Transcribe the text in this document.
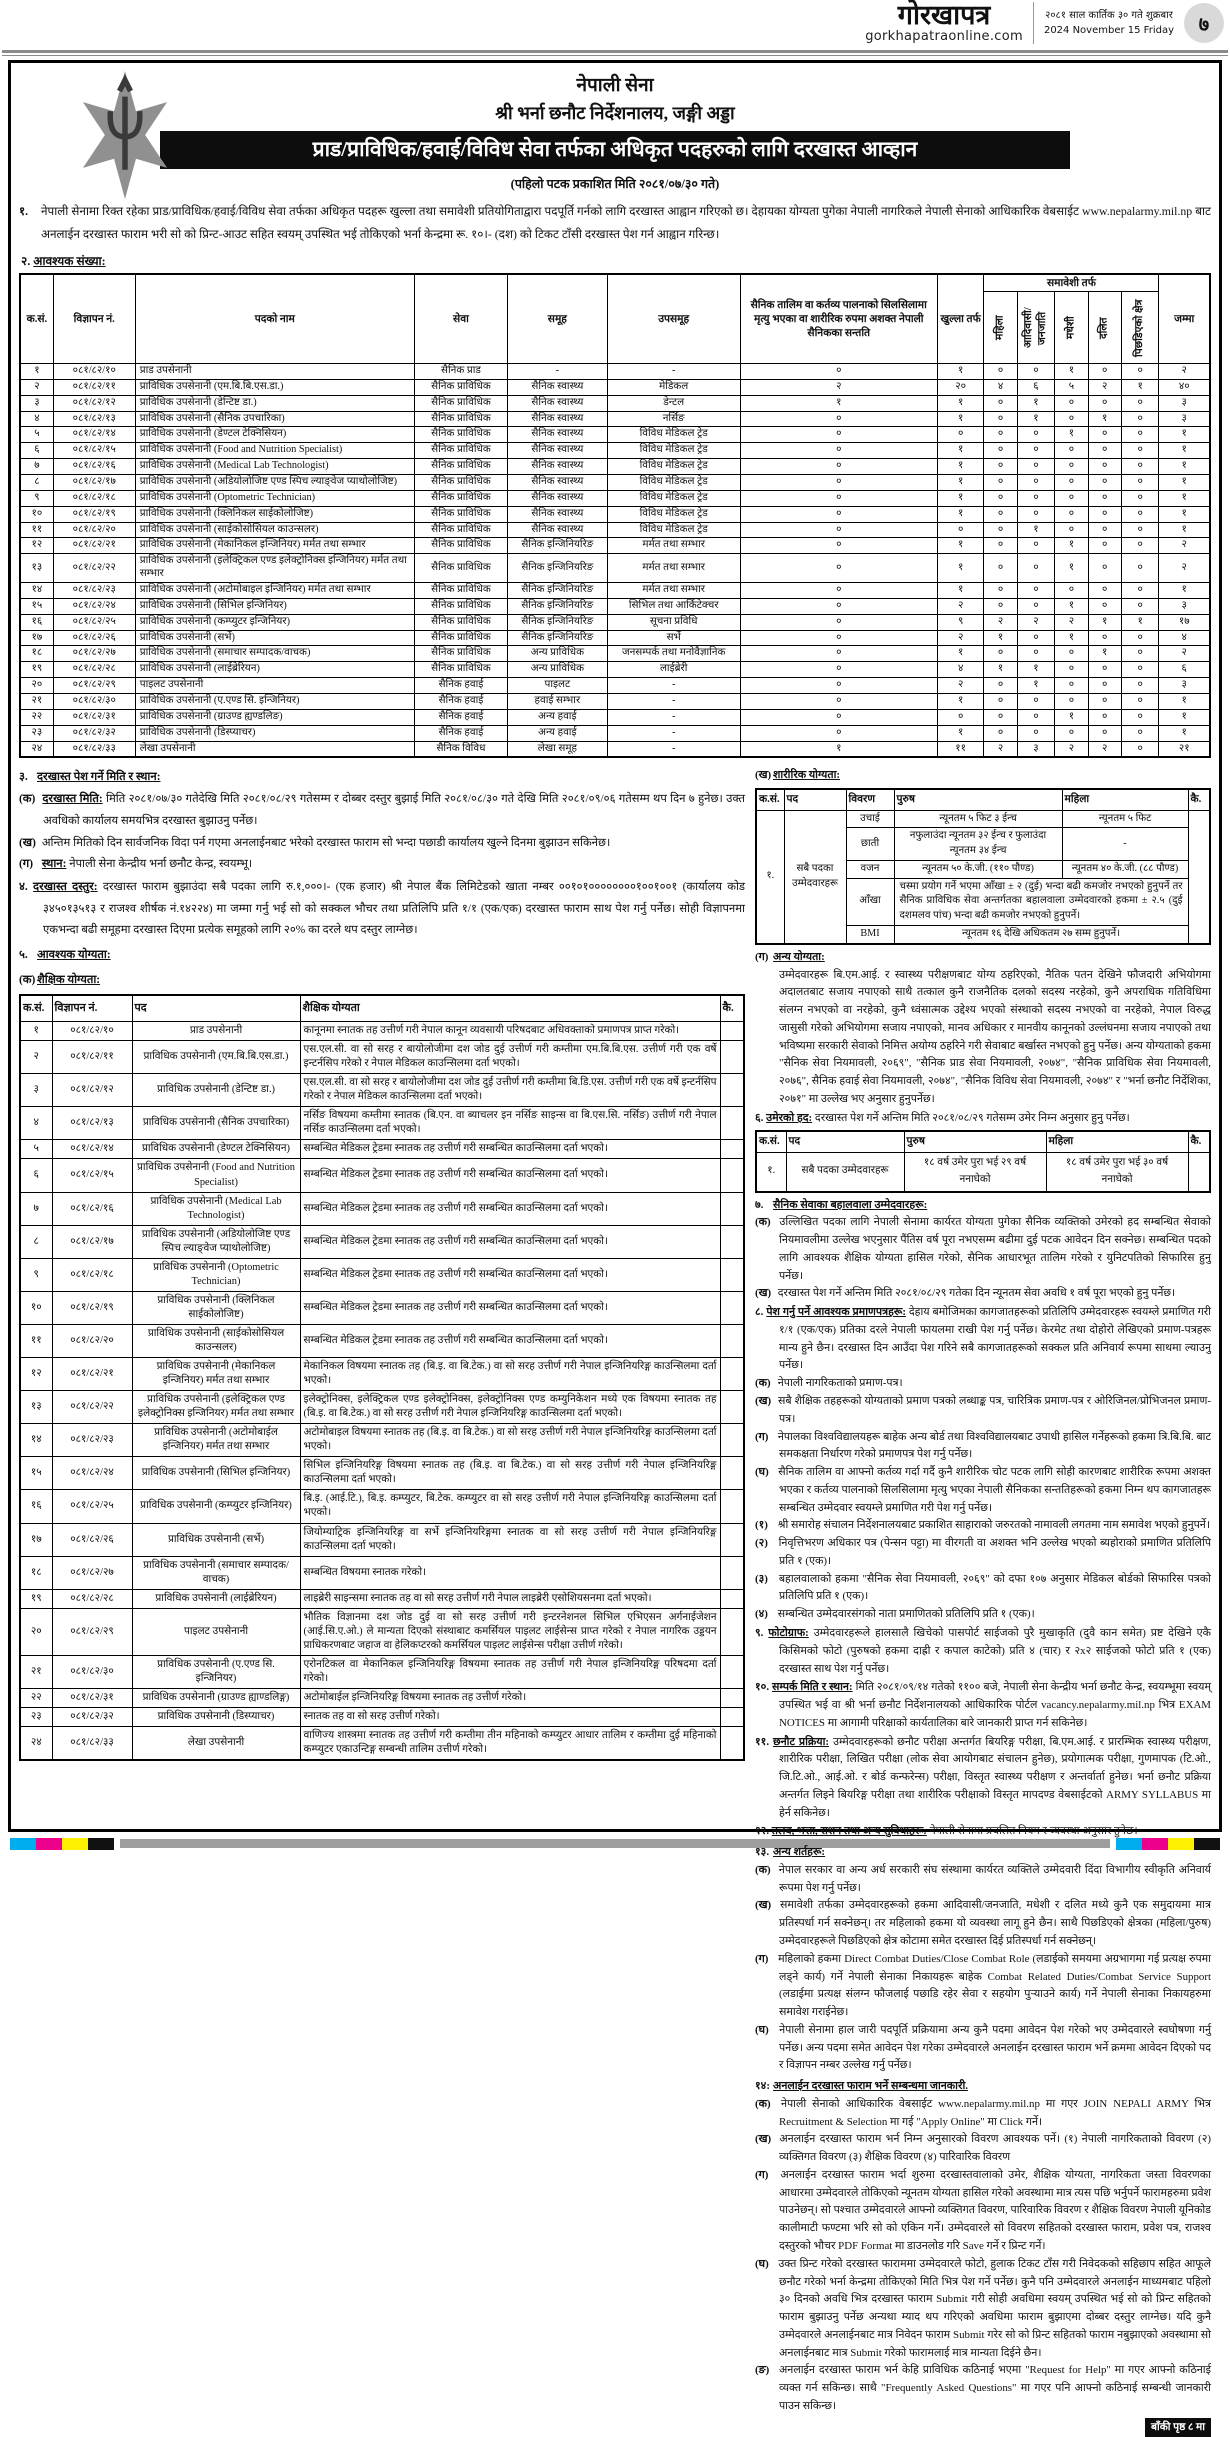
गोरखापत्र
gorkhapatraonline.com
२०८१ साल कार्तिक ३० गते शुक्रबार
2024 November 15 Friday	७
नेपाली सेना
श्री भर्ना छनौट निर्देशनालय, जङ्गी अड्डा
प्राड/प्राविधिक/हवाई/विविध सेवा तर्फका अधिकृत पदहरुको लागि दरखास्त आव्हान
(पहिलो पटक प्रकाशित मिति २०८१/०७/३० गते)
१.	नेपाली सेनामा रिक्त रहेका प्राड/प्राविधिक/हवाई/विविध सेवा तर्फका अधिकृत पदहरू खुल्ला तथा समावेशी प्रतियोगिताद्वारा पदपूर्ति गर्नको लागि दरखास्त आह्वान गरिएको छ। देहायका योग्यता पुगेका नेपाली नागरिकले नेपाली सेनाको आधिकारिक वेबसाईट www.nepalarmy.mil.np बाट अनलाईन दरखास्त फाराम भरी सो को प्रिन्ट-आउट सहित स्वयम् उपस्थित भई तोकिएको भर्ना केन्द्रमा रू. १०।- (दश) को टिकट टाँसी दरखास्त पेश गर्न आह्वान गरिन्छ।
२. आवश्यक संख्या:
क.सं.	विज्ञापन नं.	पदको नाम	सेवा	समूह	उपसमूह	सैनिक तालिम वा कर्तव्य पालनाको सिलसिलामा मृत्यु भएका वा शारीरिक रुपमा अशक्त नेपाली सैनिकका सन्तति	खुल्ला तर्फ	समावेशी तर्फ					जम्मा
								महिला	आदिवासी/ जनजाति	मधेशी	दलित	पिछडिएको क्षेत्र	
१	०८१/८२/१०	प्राड उपसेनानी	सैनिक प्राड	-	-	०	१	०	०	१	०	०	२
२	०८१/८२/११	प्राविधिक उपसेनानी (एम.बि.बि.एस.डा.)	सैनिक प्राविधिक	सैनिक स्वास्थ्य	मेडिकल	२	२०	४	६	५	२	१	४०
३	०८१/८२/१२	प्राविधिक उपसेनानी (डेन्टिष्ट डा.)	सैनिक प्राविधिक	सैनिक स्वास्थ्य	डेन्टल	१	१	०	१	०	०	०	३
४	०८१/८२/१३	प्राविधिक उपसेनानी (सैनिक उपचारिका)	सैनिक प्राविधिक	सैनिक स्वास्थ्य	नर्सिङ	०	१	०	१	०	१	०	३
५	०८१/८२/१४	प्राविधिक उपसेनानी (डेण्टल टेक्निसियन)	सैनिक प्राविधिक	सैनिक स्वास्थ्य	विविध मेडिकल ट्रेड	०	०	०	०	१	०	०	१
६	०८१/८२/१५	प्राविधिक उपसेनानी (Food and Nutrition Specialist)	सैनिक प्राविधिक	सैनिक स्वास्थ्य	विविध मेडिकल ट्रेड	०	१	०	०	०	०	०	१
७	०८१/८२/१६	प्राविधिक उपसेनानी (Medical Lab Technologist)	सैनिक प्राविधिक	सैनिक स्वास्थ्य	विविध मेडिकल ट्रेड	०	१	०	०	०	०	०	१
८	०८१/८२/१७	प्राविधिक उपसेनानी (अडियोलोजिष्ट एण्ड स्पिच ल्याङ्वेज प्याथोलोजिष्ट)	सैनिक प्राविधिक	सैनिक स्वास्थ्य	विविध मेडिकल ट्रेड	०	१	०	०	०	०	०	१
९	०८१/८२/१८	प्राविधिक उपसेनानी (Optometric Technician)	सैनिक प्राविधिक	सैनिक स्वास्थ्य	विविध मेडिकल ट्रेड	०	१	०	०	०	०	०	१
१०	०८१/८२/१९	प्राविधिक उपसेनानी (क्लिनिकल साईकोलोजिष्ट)	सैनिक प्राविधिक	सैनिक स्वास्थ्य	विविध मेडिकल ट्रेड	०	१	०	०	०	०	०	१
११	०८१/८२/२०	प्राविधिक उपसेनानी (साईकोसोसियल काउन्सलर)	सैनिक प्राविधिक	सैनिक स्वास्थ्य	विविध मेडिकल ट्रेड	०	०	०	१	०	०	०	१
१२	०८१/८२/२१	प्राविधिक उपसेनानी (मेकानिकल इन्जिनियर) मर्मत तथा सम्भार	सैनिक प्राविधिक	सैनिक इन्जिनियरिङ	मर्मत तथा सम्भार	०	१	०	०	१	०	०	२
१३	०८१/८२/२२	प्राविधिक उपसेनानी (इलेक्ट्रिकल एण्ड इलेक्ट्रोनिक्स इन्जिनियर) मर्मत तथा सम्भार	सैनिक प्राविधिक	सैनिक इन्जिनियरिङ	मर्मत तथा सम्भार	०	१	०	०	१	०	०	२
१४	०८१/८२/२३	प्राविधिक उपसेनानी (अटोमोबाइल इन्जिनियर) मर्मत तथा सम्भार	सैनिक प्राविधिक	सैनिक इन्जिनियरिङ	मर्मत तथा सम्भार	०	१	०	०	०	०	०	१
१५	०८१/८२/२४	प्राविधिक उपसेनानी (सिभिल इन्जिनियर)	सैनिक प्राविधिक	सैनिक इन्जिनियरिङ	सिभिल तथा आर्किटेक्चर	०	२	०	०	१	०	०	३
१६	०८१/८२/२५	प्राविधिक उपसेनानी (कम्प्युटर इन्जिनियर)	सैनिक प्राविधिक	सैनिक इन्जिनियरिङ	सूचना प्रविधि	०	९	२	२	२	१	१	१७
१७	०८१/८२/२६	प्राविधिक उपसेनानी (सर्भे)	सैनिक प्राविधिक	सैनिक इन्जिनियरिङ	सर्भे	०	२	१	०	१	०	०	४
१८	०८१/८२/२७	प्राविधिक उपसेनानी (समाचार सम्पादक/वाचक)	सैनिक प्राविधिक	अन्य प्राविधिक	जनसम्पर्क तथा मनोवैज्ञानिक	०	१	०	०	०	१	०	२
१९	०८१/८२/२८	प्राविधिक उपसेनानी (लाईब्रेरियन)	सैनिक प्राविधिक	अन्य प्राविधिक	लाईब्रेरी	०	४	१	१	०	०	०	६
२०	०८१/८२/२९	पाइलट उपसेनानी	सैनिक हवाई	पाइलट	-	०	२	०	१	०	०	०	३
२१	०८१/८२/३०	प्राविधिक उपसेनानी (ए.एण्ड सि. इन्जिनियर)	सैनिक हवाई	हवाई सम्भार	-	०	१	०	०	०	०	०	१
२२	०८१/८२/३१	प्राविधिक उपसेनानी (ग्राउण्ड ह्यण्डलिङ)	सैनिक हवाई	अन्य हवाई	-	०	०	०	०	१	०	०	१
२३	०८१/८२/३२	प्राविधिक उपसेनानी (डिस्प्याचर)	सैनिक हवाई	अन्य हवाई	-	०	१	०	०	०	०	०	१
२४	०८१/८२/३३	लेखा उपसेनानी	सैनिक विविध	लेखा समूह	-	१	११	२	३	२	२	०	२१
३. दरखास्त पेश गर्ने मिति र स्थान:
(क) दरखास्त मिति: मिति २०८१/०७/३० गतेदेखि मिति २०८१/०८/२९ गतेसम्म र दोब्बर दस्तुर बुझाई मिति २०८१/०८/३० गते देखि मिति २०८१/०९/०६ गतेसम्म थप दिन ७ हुनेछ। उक्त अवधिको कार्यालय समयभित्र दरखास्त बुझाउनु पर्नेछ।
(ख) अन्तिम मितिको दिन सार्वजनिक विदा पर्न गएमा अनलाईनबाट भरेको दरखास्त फाराम सो भन्दा पछाडी कार्यालय खुल्ने दिनमा बुझाउन सकिनेछ।
(ग) स्थान: नेपाली सेना केन्द्रीय भर्ना छनौट केन्द्र, स्वयम्भू।
४. दरखास्त दस्तुर: दरखास्त फाराम बुझाउंदा सबै पदका लागि रु.१,०००।- (एक हजार) श्री नेपाल बैंक लिमिटेडको खाता नम्बर ००१०१००००००००१००१००१ (कार्यालय कोड ३४५०१३५१३ र राजश्व शीर्षक नं.१४२२४) मा जम्मा गर्नु भई सो को सक्कल भौचर तथा प्रतिलिपि प्रति १/१ (एक/एक) दरखास्त फाराम साथ पेश गर्नु पर्नेछ। सोही विज्ञापनमा एकभन्दा बढी समूहमा दरखास्त दिएमा प्रत्येक समूहको लागि २०% का दरले थप दस्तुर लाग्नेछ।
५. आवश्यक योग्यता:
(क) शैक्षिक योग्यता:
क.सं.	विज्ञापन नं.	पद	शैक्षिक योग्यता	कै.
१	०८१/८२/१०	प्राड उपसेनानी	कानूनमा स्नातक तह उत्तीर्ण गरी नेपाल कानून व्यवसायी परिषदबाट अधिवक्ताको प्रमाणपत्र प्राप्त गरेको।	
२	०८१/८२/११	प्राविधिक उपसेनानी (एम.बि.बि.एस.डा.)	एस.एल.सी. वा सो सरह र बायोलोजीमा दश जोड दुई उत्तीर्ण गरी कम्तीमा एम.बि.बि.एस. उत्तीर्ण गरी एक वर्षे इन्टर्नसिप गरेको र नेपाल मेडिकल काउन्सिलमा दर्ता भएको।	
३	०८१/८२/१२	प्राविधिक उपसेनानी (डेन्टिष्ट डा.)	एस.एल.सी. वा सो सरह र बायोलोजीमा दश जोड दुई उत्तीर्ण गरी कम्तीमा बि.डि.एस. उत्तीर्ण गरी एक वर्षे इन्टर्नसिप गरेको र नेपाल मेडिकल काउन्सिलमा दर्ता भएको।	
४	०८१/८२/१३	प्राविधिक उपसेनानी (सैनिक उपचारिका)	नर्सिङ विषयमा कम्तीमा स्नातक (बि.एन. वा ब्याचलर इन नर्सिङ साइन्स वा बि.एस.सि. नर्सिङ) उत्तीर्ण गरी नेपाल नर्सिङ काउन्सिलमा दर्ता भएको।	
५	०८१/८२/१४	प्राविधिक उपसेनानी (डेण्टल टेक्निसियन)	सम्बन्धित मेडिकल ट्रेडमा स्नातक तह उत्तीर्ण गरी सम्बन्धित काउन्सिलमा दर्ता भएको।	
६	०८१/८२/१५	प्राविधिक उपसेनानी (Food and Nutrition Specialist)	सम्बन्धित मेडिकल ट्रेडमा स्नातक तह उत्तीर्ण गरी सम्बन्धित काउन्सिलमा दर्ता भएको।	
७	०८१/८२/१६	प्राविधिक उपसेनानी (Medical Lab Technologist)	सम्बन्धित मेडिकल ट्रेडमा स्नातक तह उत्तीर्ण गरी सम्बन्धित काउन्सिलमा दर्ता भएको।	
८	०८१/८२/१७	प्राविधिक उपसेनानी (अडियोलोजिष्ट एण्ड स्पिच ल्याङ्वेज प्याथोलोजिष्ट)	सम्बन्धित मेडिकल ट्रेडमा स्नातक तह उत्तीर्ण गरी सम्बन्धित काउन्सिलमा दर्ता भएको।	
९	०८१/८२/१८	प्राविधिक उपसेनानी (Optometric Technician)	सम्बन्धित मेडिकल ट्रेडमा स्नातक तह उत्तीर्ण गरी सम्बन्धित काउन्सिलमा दर्ता भएको।	
१०	०८१/८२/१९	प्राविधिक उपसेनानी (क्लिनिकल साईकोलोजिष्ट)	सम्बन्धित मेडिकल ट्रेडमा स्नातक तह उत्तीर्ण गरी सम्बन्धित काउन्सिलमा दर्ता भएको।	
११	०८१/८२/२०	प्राविधिक उपसेनानी (साईकोसोसियल काउन्सलर)	सम्बन्धित मेडिकल ट्रेडमा स्नातक तह उत्तीर्ण गरी सम्बन्धित काउन्सिलमा दर्ता भएको।	
१२	०८१/८२/२१	प्राविधिक उपसेनानी (मेकानिकल इन्जिनियर) मर्मत तथा सम्भार	मेकानिकल विषयमा स्नातक तह (बि.इ. वा बि.टेक.) वा सो सरह उत्तीर्ण गरी नेपाल इन्जिनियरिङ्ग काउन्सिलमा दर्ता भएको।	
१३	०८१/८२/२२	प्राविधिक उपसेनानी (इलेक्ट्रिकल एण्ड इलेक्ट्रोनिक्स इन्जिनियर) मर्मत तथा सम्भार	इलेक्ट्रोनिक्स, इलेक्ट्रिकल एण्ड इलेक्ट्रोनिक्स, इलेक्ट्रोनिक्स एण्ड कम्युनिकेशन मध्ये एक विषयमा स्नातक तह (बि.इ. वा बि.टेक.) वा सो सरह उत्तीर्ण गरी नेपाल इन्जिनियरिङ्ग काउन्सिलमा दर्ता भएको।	
१४	०८१/८२/२३	प्राविधिक उपसेनानी (अटोमोबाईल इन्जिनियर) मर्मत तथा सम्भार	अटोमोबाइल विषयमा स्नातक तह (बि.इ. वा बि.टेक.) वा सो सरह उत्तीर्ण गरी नेपाल इन्जिनियरिङ्ग काउन्सिलमा दर्ता भएको।	
१५	०८१/८२/२४	प्राविधिक उपसेनानी (सिभिल इन्जिनियर)	सिभिल इन्जिनियरिङ्ग विषयमा स्नातक तह (बि.इ. वा बि.टेक.) वा सो सरह उत्तीर्ण गरी नेपाल इन्जिनियरिङ्ग काउन्सिलमा दर्ता भएको।	
१६	०८१/८२/२५	प्राविधिक उपसेनानी (कम्प्युटर इन्जिनियर)	बि.इ. (आई.टि.), बि.इ. कम्प्युटर, बि.टेक. कम्प्युटर वा सो सरह उत्तीर्ण गरी नेपाल इन्जिनियरिङ्ग काउन्सिलमा दर्ता भएको।	
१७	०८१/८२/२६	प्राविधिक उपसेनानी (सर्भे)	जियोम्याट्रिक इन्जिनियरिङ्ग वा सर्भे इन्जिनियरिङ्गमा स्नातक वा सो सरह उत्तीर्ण गरी नेपाल इन्जिनियरिङ्ग काउन्सिलमा दर्ता भएको।	
१८	०८१/८२/२७	प्राविधिक उपसेनानी (समाचार सम्पादक/वाचक)	सम्बन्धित विषयमा स्नातक गरेको।	
१९	०८१/८२/२८	प्राविधिक उपसेनानी (लाईब्रेरियन)	लाइब्रेरी साइन्समा स्नातक तह वा सो सरह उत्तीर्ण गरी नेपाल लाइब्रेरी एसोशियसनमा दर्ता भएको।	
२०	०८१/८२/२९	पाइलट उपसेनानी	भौतिक विज्ञानमा दश जोड दुई वा सो सरह उत्तीर्ण गरी इन्टरनेशनल सिभिल एभिएसन अर्गनाईजेशन (आई.सि.ए.ओ.) ले मान्यता दिएको संस्थाबाट कमर्सियल पाइलट लाईसेन्स प्राप्त गरेको र नेपाल नागरिक उड्डयन प्राधिकरणबाट जहाज वा हेलिकप्टरको कमर्सियल पाइलट लाईसेन्स परीक्षा उत्तीर्ण गरेको।	
२१	०८१/८२/३०	प्राविधिक उपसेनानी (ए.एण्ड सि. इन्जिनियर)	एरोनटिकल वा मेकानिकल इन्जिनियरिङ्ग विषयमा स्नातक तह उत्तीर्ण गरी नेपाल इन्जिनियरिङ्ग परिषदमा दर्ता गरेको।	
२२	०८१/८२/३१	प्राविधिक उपसेनानी (ग्राउण्ड ह्याण्डलिङ्ग)	अटोमोबाईल इन्जिनियरिङ्ग विषयमा स्नातक तह उत्तीर्ण गरेको।	
२३	०८१/८२/३२	प्राविधिक उपसेनानी (डिस्प्याचर)	स्नातक तह वा सो सरह उत्तीर्ण गरेको।	
२४	०८१/८२/३३	लेखा उपसेनानी	वाणिज्य शास्त्रमा स्नातक तह उत्तीर्ण गरी कम्तीमा तीन महिनाको कम्प्युटर आधार तालिम र कम्तीमा दुई महिनाको कम्प्युटर एकाउन्टिङ्ग सम्बन्धी तालिम उत्तीर्ण गरेको।	
(ख) शारीरिक योग्यता:
क.सं.	पद	विवरण	पुरुष	महिला	कै.
१.	सबै पदका उम्मेदवारहरू	उचाई	न्यूनतम ५ फिट ३ ईन्च	न्यूनतम ५ फिट	
		छाती	नफुलाउंदा न्यूनतम ३२ ईन्च र फुलाउंदा न्यूनतम ३४ ईन्च	-	
		वजन	न्यूनतम ५० के.जी. (११० पौण्ड)	न्यूनतम ४० के.जी. (८८ पौण्ड)	
		आँखा	चस्मा प्रयोग गर्ने भएमा आँखा ± २ (दुई) भन्दा बढी कमजोर नभएको हुनुपर्ने तर सैनिक प्राविधिक सेवा अन्तर्गतका बहालवाला उम्मेदवारको हकमा ± २.५ (दुई दशमलव पांच) भन्दा बढी कमजोर नभएको हुनुपर्ने।		
		BMI	न्यूनतम १६ देखि अधिकतम २७ सम्म हुनुपर्ने।		
(ग) अन्य योग्यता:
उम्मेदवारहरू बि.एम.आई. र स्वास्थ्य परीक्षणबाट योग्य ठहरिएको, नैतिक पतन देखिने फौजदारी अभियोगमा अदालतबाट सजाय नपाएको साथै तत्काल कुनै राजनैतिक दलको सदस्य नरहेको, कुनै अपराधिक गतिविधिमा संलग्न नभएको वा नरहेको, कुनै ध्वंसात्मक उद्देश्य भएको संस्थाको सदस्य नभएको वा नरहेको, नेपाल विरुद्ध जासुसी गरेको अभियोगमा सजाय नपाएको, मानव अधिकार र मानवीय कानूनको उल्लंघनमा सजाय नपाएको तथा भविष्यमा सरकारी सेवाको निमित्त अयोग्य ठहरिने गरी सेवाबाट बर्खास्त नभएको हुनु पर्नेछ। अन्य योग्यताको हकमा "सैनिक सेवा नियमावली, २०६९", "सैनिक प्राड सेवा नियमावली, २०७४", "सैनिक प्राविधिक सेवा नियमावली, २०७६", सैनिक हवाई सेवा नियमावली, २०७४", "सैनिक विविध सेवा नियमावली, २०७४" र "भर्ना छनौट निर्देशिका, २०७१" मा उल्लेख भए अनुसार हुनुपर्नेछ।
६. उमेरको हद: दरखास्त पेश गर्ने अन्तिम मिति २०८१/०८/२९ गतेसम्म उमेर निम्न अनुसार हुनु पर्नेछ।
क.सं.	पद	पुरुष	महिला	कै.
१.	सबै पदका उम्मेदवारहरू	१८ वर्ष उमेर पुरा भई २९ वर्ष ननाघेको	१८ वर्ष उमेर पुरा भई ३० वर्ष ननाघेको	
७. सैनिक सेवाका बहालवाला उम्मेदवारहरू:
(क) उल्लिखित पदका लागि नेपाली सेनामा कार्यरत योग्यता पुगेका सैनिक व्यक्तिको उमेरको हद सम्बन्धित सेवाको नियमावलीमा उल्लेख भएनुसार पैंतिस वर्ष पूरा नभएसम्म बढीमा दुई पटक आवेदन दिन सक्नेछ। सम्बन्धित पदको लागि आवश्यक शैक्षिक योग्यता हासिल गरेको, सैनिक आधारभूत तालिम गरेको र युनिटपतिको सिफारिस हुनु पर्नेछ।
(ख) दरखास्त पेश गर्ने अन्तिम मिति २०८१/०८/२९ गतेका दिन न्यूनतम सेवा अवधि १ वर्ष पूरा भएको हुनु पर्नेछ।
८. पेश गर्नु पर्ने आवश्यक प्रमाणपत्रहरू: देहाय बमोजिमका कागजातहरूको प्रतिलिपि उम्मेदवारहरू स्वयम्ले प्रमाणित गरी १/१ (एक/एक) प्रतिका दरले नेपाली फायलमा राखी पेश गर्नु पर्नेछ। केरमेट तथा दोहोरो लेखिएको प्रमाण-पत्रहरू मान्य हुने छैन। दरखास्त दिन आउँदा पेश गरिने सबै कागजातहरूको सक्कल प्रति अनिवार्य रूपमा साथमा ल्याउनु पर्नेछ।
(क) नेपाली नागरिकताको प्रमाण-पत्र।
(ख) सबै शैक्षिक तहहरूको योग्यताको प्रमाण पत्रको लब्धाङ्क पत्र, चारित्रिक प्रमाण-पत्र र ओरिजिनल/प्रोभिजनल प्रमाण-पत्र।
(ग) नेपालका विश्वविद्यालयहरू बाहेक अन्य बोर्ड तथा विश्वविद्यालयबाट उपाधी हासिल गर्नेहरूको हकमा त्रि.बि.बि. बाट समकक्षता निर्धारण गरेको प्रमाणपत्र पेश गर्नु पर्नेछ।
(घ) सैनिक तालिम वा आफ्नो कर्तव्य गर्दा गर्दै कुनै शारीरिक चोट पटक लागि सोही कारणबाट शारीरिक रूपमा अशक्त भएका र कर्तव्य पालनाको सिलसिलामा मृत्यु भएका नेपाली सैनिकका सन्ततिहरूको हकमा निम्न थप कागजातहरू सम्बन्धित उम्मेदवार स्वयम्ले प्रमाणित गरी पेश गर्नु पर्नेछ।
(१) श्री समारोह संचालन निर्देशनालयबाट प्रकाशित साहाराको जरुरतको नामावली लगतमा नाम समावेश भएको हुनुपर्ने।
(२) निवृत्तिभरण अधिकार पत्र (पेन्सन पट्टा) मा वीरगती वा अशक्त भनि उल्लेख भएको ब्यहोराको प्रमाणित प्रतिलिपि प्रति १ (एक)।
(३) बहालवालाको हकमा "सैनिक सेवा नियमावली, २०६९" को दफा १०७ अनुसार मेडिकल बोर्डको सिफारिस पत्रको प्रतिलिपि प्रति १ (एक)।
(४) सम्बन्धित उम्मेदवारसंगको नाता प्रमाणितको प्रतिलिपि प्रति १ (एक)।
९. फोटोग्राफ: उम्मेदवारहरूले हालसालै खिचेको पासपोर्ट साईजको पुरै मुखाकृति (दुवै कान समेत) प्रष्ट देखिने एकै किसिमको फोटो (पुरुषको हकमा दाह्री र कपाल काटेको) प्रति ४ (चार) र २x२ साईजको फोटो प्रति १ (एक) दरखास्त साथ पेश गर्नु पर्नेछ।
१०. सम्पर्क मिति र स्थान: मिति २०८१/०९/१४ गतेको ११०० बजे, नेपाली सेना केन्द्रीय भर्ना छनौट केन्द्र, स्वयम्भूमा स्वयम् उपस्थित भई वा श्री भर्ना छनौट निर्देशनालयको आधिकारिक पोर्टल vacancy.nepalarmy.mil.np भित्र EXAM NOTICES मा आगामी परिक्षाको कार्यतालिका बारे जानकारी प्राप्त गर्न सकिनेछ।
११. छनौट प्रक्रिया: उम्मेदवारहरूको छनौट परीक्षा अन्तर्गत बियरिङ्ग परीक्षा, बि.एम.आई. र प्रारम्भिक स्वास्थ्य परीक्षण, शारीरिक परीक्षा, लिखित परीक्षा (लोक सेवा आयोगबाट संचालन हुनेछ), प्रयोगात्मक परीक्षा, गुणमापक (टि.ओ., जि.टि.ओ., आई.ओ. र बोर्ड कन्फरेन्स) परीक्षा, विस्तृत स्वास्थ्य परीक्षण र अन्तर्वार्ता हुनेछ। भर्ना छनौट प्रक्रिया अन्तर्गत लिइने बियरिङ्ग परीक्षा तथा शारीरिक परीक्षाको विस्तृत मापदण्ड वेबसाईटको ARMY SYLLABUS मा हेर्न सकिनेछ।
१२. तलब, भत्ता, राशन तथा अन्य सुविधाहरू: नेपाली सेनामा प्रचलित नियम र व्यवस्था अनुसार हुनेछ।
१३. अन्य शर्तहरू:
(क) नेपाल सरकार वा अन्य अर्ध सरकारी संघ संस्थामा कार्यरत व्यक्तिले उम्मेदवारी दिंदा विभागीय स्वीकृति अनिवार्य रूपमा पेश गर्नु पर्नेछ।
(ख) समावेशी तर्फका उम्मेदवारहरूको हकमा आदिवासी/जनजाति, मधेशी र दलित मध्ये कुनै एक समुदायमा मात्र प्रतिस्पर्धा गर्न सक्नेछन्। तर महिलाको हकमा यो व्यवस्था लागू हुने छैन। साथै पिछडिएको क्षेत्रका (महिला/पुरुष) उम्मेदवारहरूले पिछडिएको क्षेत्र कोटामा समेत दरखास्त दिई प्रतिस्पर्धा गर्न सक्नेछन्।
(ग) महिलाको हकमा Direct Combat Duties/Close Combat Role (लडाईको समयमा अग्रभागमा गई प्रत्यक्ष रुपमा लड्ने कार्य) गर्ने नेपाली सेनाका निकायहरू बाहेक Combat Related Duties/Combat Service Support (लडाईमा प्रत्यक्ष संलग्न फौजलाई पछाडि रहेर सेवा र सहयोग पुऱ्याउने कार्य) गर्ने नेपाली सेनाका निकायहरुमा समावेश गराईनेछ।
(घ) नेपाली सेनामा हाल जारी पदपूर्ति प्रक्रियामा अन्य कुनै पदमा आवेदन पेश गरेको भए उम्मेदवारले स्वघोषणा गर्नु पर्नेछ। अन्य पदमा समेत आवेदन पेश गरेका उम्मेदवारले अनलाईन दरखास्त फाराम भर्ने क्रममा आवेदन दिएको पद र विज्ञापन नम्बर उल्लेख गर्नु पर्नेछ।
१४: अनलाईन दरखास्त फाराम भर्ने सम्बन्धमा जानकारी.
(क) नेपाली सेनाको आधिकारिक वेबसाईट www.nepalarmy.mil.np मा गएर JOIN NEPALI ARMY भित्र Recruitment & Selection मा गई "Apply Online" मा Click गर्ने।
(ख) अनलाईन दरखास्त फाराम भर्न निम्न अनुसारको विवरण आवश्यक पर्ने। (१) नेपाली नागरिकताको विवरण (२) व्यक्तिगत विवरण (३) शैक्षिक विवरण (४) पारिवारिक विवरण
(ग) अनलाईन दरखास्त फाराम भर्दा शुरुमा दरखास्तवालाको उमेर, शैक्षिक योग्यता, नागरिकता जस्ता विवरणका आधारमा उम्मेदवारले तोकिएको न्यूनतम योग्यता हासिल गरेको अवस्थामा मात्र त्यस पछि भर्नुपर्ने फारामहरुमा प्रवेश पाउनेछन्। सो पश्चात उम्मेदवारले आफ्नो व्यक्तिगत विवरण, पारिवारिक विवरण र शैक्षिक विवरण नेपाली यूनिकोड कालीमाटी फण्टमा भरि सो को एकिन गर्ने। उम्मेदवारले सो विवरण सहितको दरखास्त फाराम, प्रवेश पत्र, राजश्व दस्तुरको भौचर PDF Format मा डाउनलोड गरि Save गर्ने र प्रिन्ट गर्ने।
(घ) उक्त प्रिन्ट गरेको दरखास्त फाराममा उम्मेदवारले फोटो, हुलाक टिकट टाँस गरी निवेदकको सहिछाप सहित आफूले छनौट गरेको भर्ना केन्द्रमा तोकिएको मिति भित्र पेश गर्ने पर्नेछ। कुनै पनि उम्मेदवारले अनलाईन माध्यमबाट पहिलो ३० दिनको अवधि भित्र दरखास्त फाराम Submit गरी सोही अवधिमा स्वयम् उपस्थित भई सो को प्रिन्ट सहितको फाराम बुझाउनु पर्नेछ अन्यथा म्याद थप गरिएको अवधिमा फाराम बुझाएमा दोब्बर दस्तुर लाग्नेछ। यदि कुनै उम्मेदवारले अनलाईनबाट मात्र निवेदन फाराम Submit गरेर सो को प्रिन्ट सहितको फाराम नबुझाएको अवस्थामा सो अनलाईनबाट मात्र Submit गरेको फारामलाई मात्र मान्यता दिईने छैन।
(ङ) अनलाईन दरखास्त फाराम भर्न केहि प्राविधिक कठिनाई भएमा "Request for Help" मा गएर आफ्नो कठिनाई व्यक्त गर्न सकिन्छ। साथै "Frequently Asked Questions" मा गएर पनि आफ्नो कठिनाई सम्बन्धी जानकारी पाउन सकिन्छ।
बाँकी पृष्ठ ८ मा
